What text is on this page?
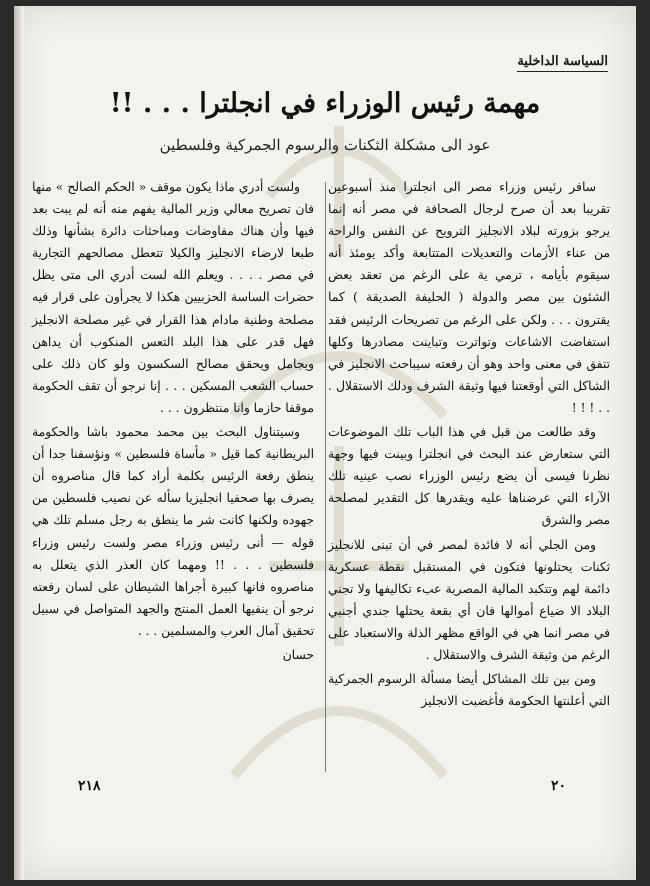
السياسة الداخلية
مهمة رئيس الوزراء في انجلترا . . . !!
عود الى مشكلة الثكنات والرسوم الجمركية وفلسطين

سافر رئيس وزراء مصر الى انجلترا منذ أسبوعين تقريبا بعد أن صرح لرجال الصحافة في مصر أنه إنما يرجو بزورته لبلاد الانجليز الترويح عن النفس والراحة من عناء الأزمات والتعديلات المتتابعة وأكد يومئذ أنه سيقوم بأيامه ، ترمي ية على الرغم من تعقد بعض الشئون بين مصر والدولة ( الحليفة الصديقة ) كما يقترون . . . ولكن على الرغم من تصريحات الرئيس فقد استفاضت الاشاعات وتواترت وتباينت مصادرها وكلها تتفق في معنى واحد وهو أن رفعته سيباحث الانجليز في الشاكل التي أوقعتنا فيها وثيقة الشرف ودلك الاستقلال . . . ! ! !

وقد طالعت من قبل في هذا الباب تلك الموضوعات التي ستعارض عند البحث في انجلترا وبينت فيها وجهة نظرنا فيسى أن يضع رئيس الوزراء نصب عينيه تلك الآراء التي عرضناها عليه ويقدرها كل التقدير لمصلحة مصر والشرق

ومن الجلي أنه لا فائدة لمصر في أن تبنى للانجليز ثكنات يحتلونها فتكون في المستقبل نقطة عسكرية دائمة لهم وتتكبد المالية المصرية عبء تكاليفها ولا تجني البلاد الا ضياع أموالها فان أي بقعة يحتلها جندي أجنبي في مصر انما هي في الواقع مظهر الذلة والاستعباد على الرغم من وثيقة الشرف والاستقلال .

ومن بين تلك المشاكل أيضا مسألة الرسوم الجمركية التي أعلنتها الحكومة فأغضبت الانجليز

ولست أدري ماذا يكون موقف « الحكم الصالح » منها فان تصريح معالي وزير المالية يفهم منه أنه لم يبت بعد فيها وأن هناك مفاوضات ومباحثات دائرة بشأنها وذلك طبعا لارضاء الانجليز والكيلا تتعطل مصالحهم التجارية في مصر . . . . ويعلم الله لست أدري الى متى يظل حضرات الساسة الحزبيين هكذا لا يجرأون على قرار فيه مصلحة وطنية مادام هذا القرار في غير مصلحة الانجليز فهل قدر على هذا البلد التعس المنكوب أن يداهن ويجامل ويحقق مصالح السكسون ولو كان ذلك على حساب الشعب المسكين . . . إنا نرجو أن تقف الحكومة موقفا حازما وانا منتظرون . . .

وسيتناول البحث بين محمد محمود باشا والحكومة البريطانية كما قيل « مأساة فلسطين » ونؤسفنا جدا أن ينطق رفعة الرئيس بكلمة أراد كما قال مناصروه أن يصرف بها صحفيا انجليزيا سأله عن نصيب فلسطين من جهوده ولكنها كانت شر ما ينطق به رجل مسلم تلك هي قوله — أنى رئيس وزراء مصر ولست رئيس وزراء فلسطين . . . !! ومهما كان العذر الذي يتعلل به مناصروه فانها كبيرة أجراها الشيطان على لسان رفعته نرجو أن ينفيها العمل المنتج والجهد المتواصل في سبيل تحقيق آمال العرب والمسلمين . . .

حسان
٢١٨	٢٠
